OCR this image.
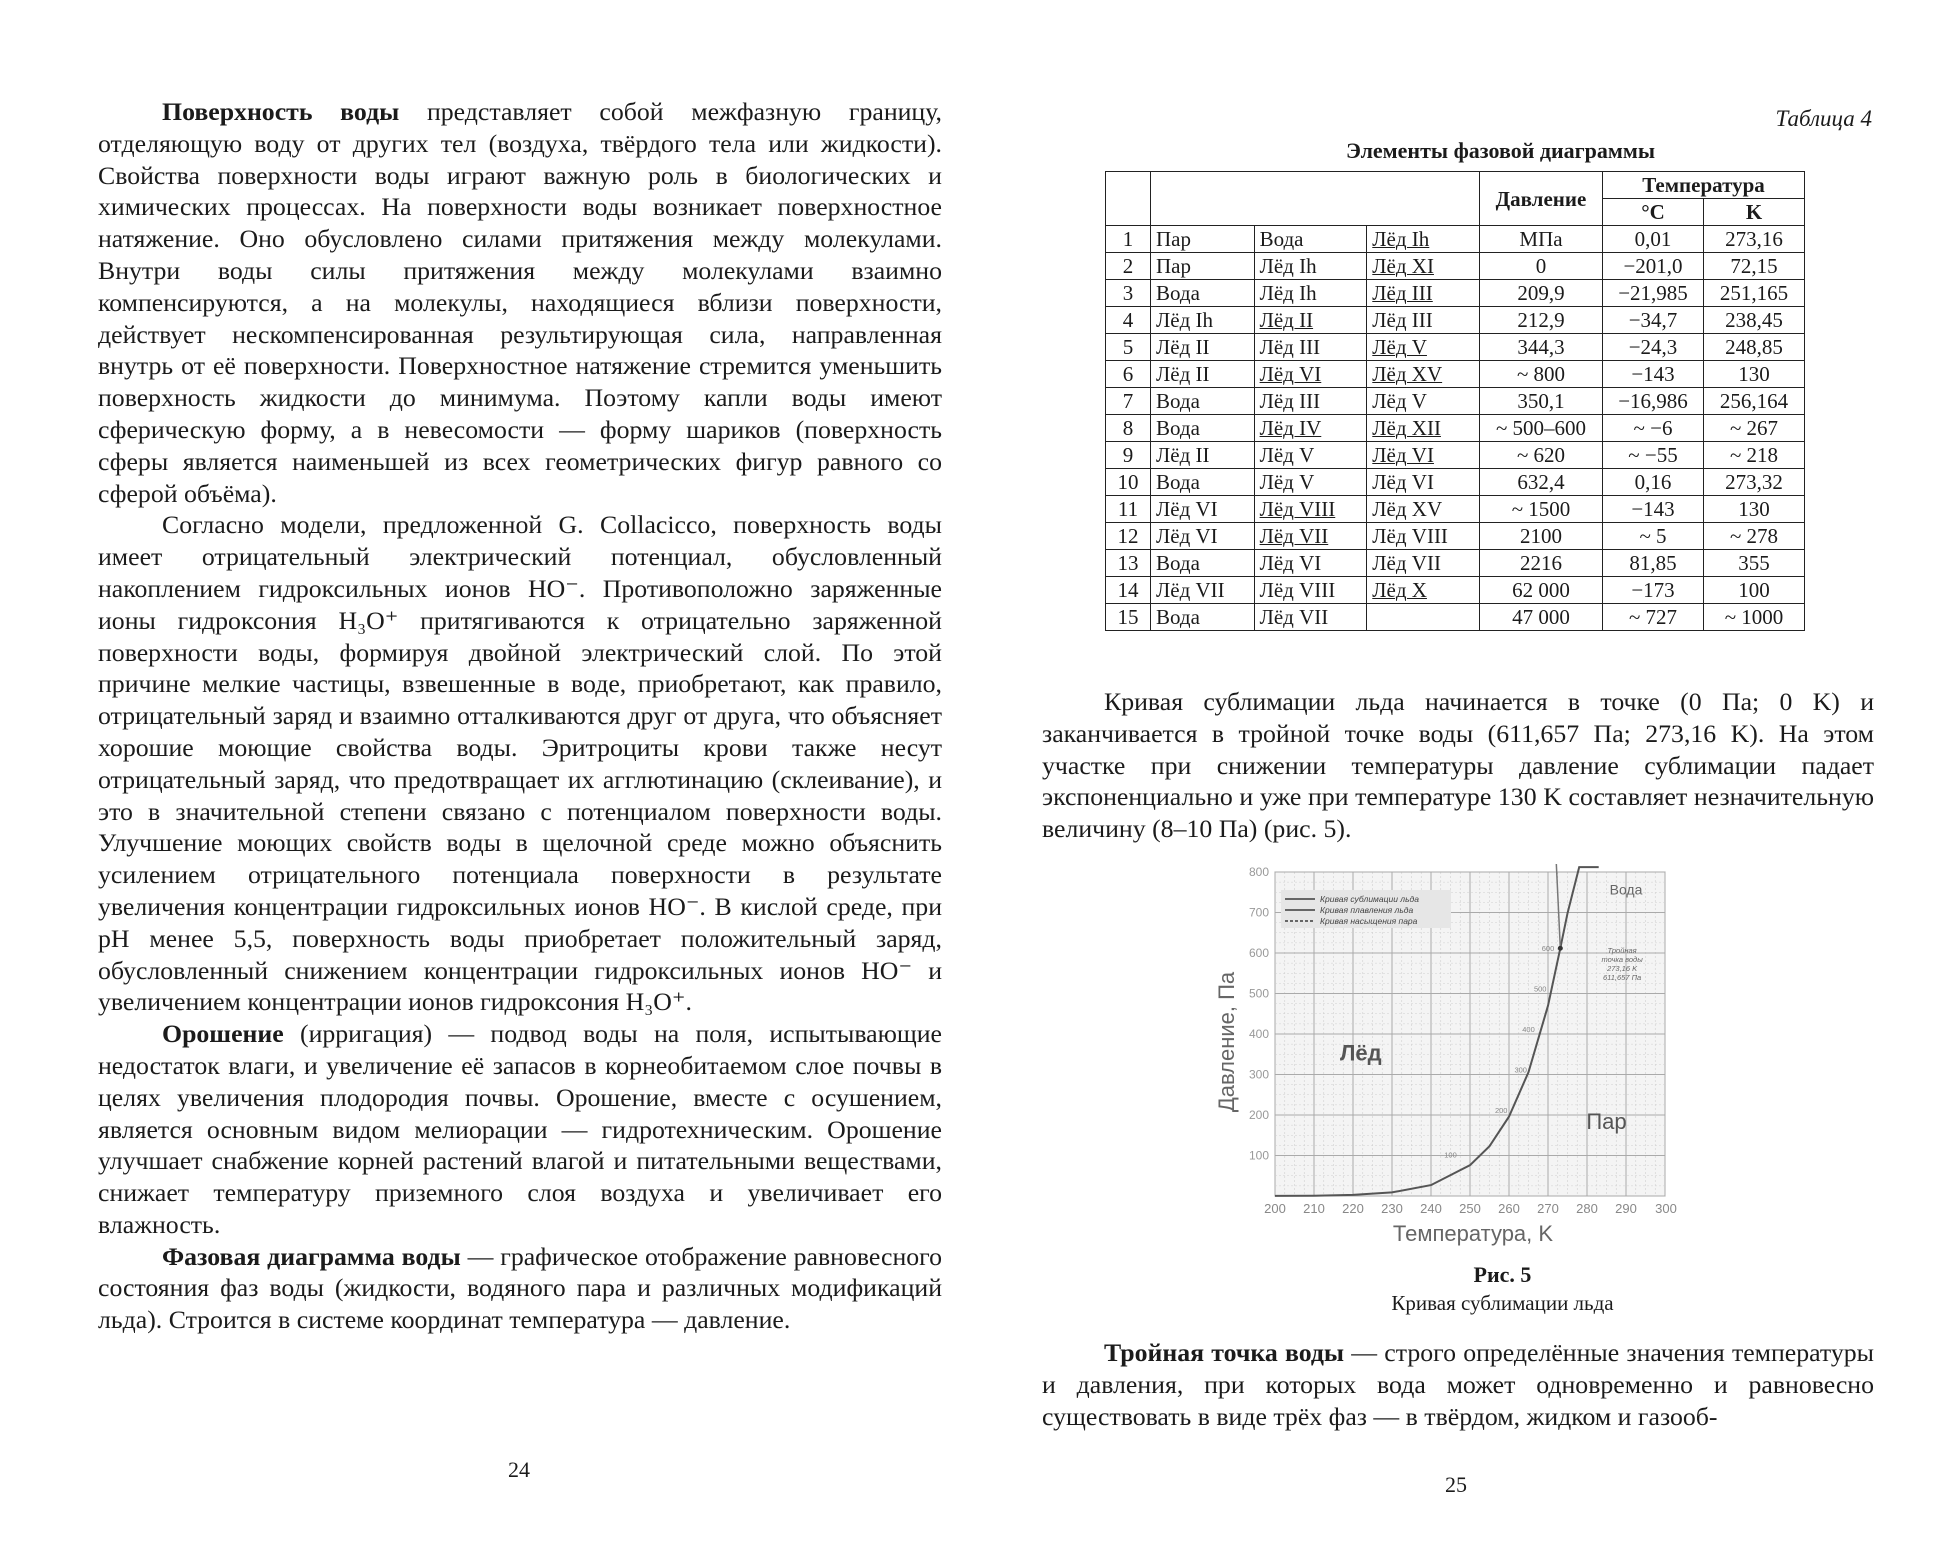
Поверхность воды представляет собой межфазную границу, отделяющую воду от других тел (воздуха, твёрдого тела или жидкости). Свойства поверхности воды играют важную роль в биологических и химических процессах. На поверхности воды возникает поверхностное натяжение. Оно обусловлено силами притяжения между молекулами. Внутри воды силы притяжения между молекулами взаимно компенсируются, а на молекулы, находящиеся вблизи поверхности, действует нескомпенсированная результирующая сила, направленная внутрь от её поверхности. Поверхностное натяжение стремится уменьшить поверхность жидкости до минимума. Поэтому капли воды имеют сферическую форму, а в невесомости — форму шариков (поверхность сферы является наименьшей из всех геометрических фигур равного со сферой объёма).

Согласно модели, предложенной G. Collacicco, поверхность воды имеет отрицательный электрический потенциал, обусловленный накоплением гидроксильных ионов HO⁻. Противоположно заряженные ионы гидроксония H₃O⁺ притягиваются к отрицательно заряженной поверхности воды, формируя двойной электрический слой. По этой причине мелкие частицы, взвешенные в воде, приобретают, как правило, отрицательный заряд и взаимно отталкиваются друг от друга, что объясняет хорошие моющие свойства воды. Эритроциты крови также несут отрицательный заряд, что предотвращает их агглютинацию (склеивание), и это в значительной степени связано с потенциалом поверхности воды. Улучшение моющих свойств воды в щелочной среде можно объяснить усилением отрицательного потенциала поверхности в результате увеличения концентрации гидроксильных ионов HO⁻. В кислой среде, при pH менее 5,5, поверхность воды приобретает положительный заряд, обусловленный снижением концентрации гидроксильных ионов HO⁻ и увеличением концентрации ионов гидроксония H₃O⁺.

Орошение (ирригация) — подвод воды на поля, испытывающие недостаток влаги, и увеличение её запасов в корнеобитаемом слое почвы в целях увеличения плодородия почвы. Орошение, вместе с осушением, является основным видом мелиорации — гидротехническим. Орошение улучшает снабжение корней растений влагой и питательными веществами, снижает температуру приземного слоя воздуха и увеличивает его влажность.

Фазовая диаграмма воды — графическое отображение равновесного состояния фаз воды (жидкости, водяного пара и различных модификаций льда). Строится в системе координат температура — давление.

24
Таблица 4
Элементы фазовой диаграммы
				Давление	Температура	
					°C	K
1	Пар	Вода	Лёд Ih	МПа	0,01	273,16
2	Пар	Лёд Ih	Лёд XI	0	−201,0	72,15
3	Вода	Лёд Ih	Лёд III	209,9	−21,985	251,165
4	Лёд Ih	Лёд II	Лёд III	212,9	−34,7	238,45
5	Лёд II	Лёд III	Лёд V	344,3	−24,3	248,85
6	Лёд II	Лёд VI	Лёд XV	~ 800	−143	130
7	Вода	Лёд III	Лёд V	350,1	−16,986	256,164
8	Вода	Лёд IV	Лёд XII	~ 500–600	~ −6	~ 267
9	Лёд II	Лёд V	Лёд VI	~ 620	~ −55	~ 218
10	Вода	Лёд V	Лёд VI	632,4	0,16	273,32
11	Лёд VI	Лёд VIII	Лёд XV	~ 1500	−143	130
12	Лёд VI	Лёд VII	Лёд VIII	2100	~ 5	~ 278
13	Вода	Лёд VI	Лёд VII	2216	81,85	355
14	Лёд VII	Лёд VIII	Лёд X	62 000	−173	100
15	Вода	Лёд VII		47 000	~ 727	~ 1000

Кривая сублимации льда начинается в точке (0 Па; 0 K) и заканчивается в тройной точке воды (611,657 Па; 273,16 K). На этом участке при снижении температуры давление сублимации падает экспоненциально и уже при температуре 130 K составляет незначительную величину (8–10 Па) (рис. 5).

200 210 220 230 240 250 260 270 280 290 300
100
200
300
400
500
600
700
800
Температура, K
Давление, Па
Кривая сублимации льда
Кривая плавления льда
Кривая насыщения пара
Лёд
Пар
Вода
100
200
300
400
500
600	Тройная
точка воды
273,16 K
611,657 Па
Рис. 5
Кривая сублимации льда

Тройная точка воды — строго определённые значения температуры и давления, при которых вода может одновременно и равновесно существовать в виде трёх фаз — в твёрдом, жидком и газооб-

25
